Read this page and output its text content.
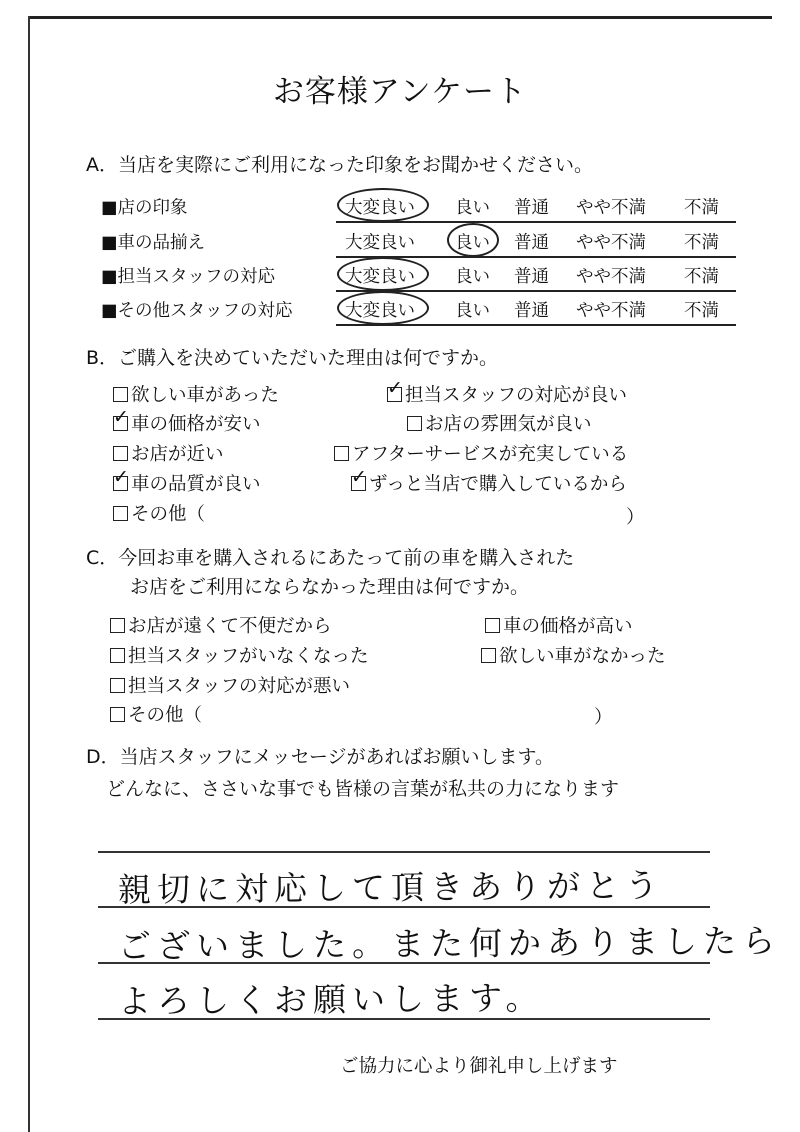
お客様アンケート
A．当店を実際にご利用になった印象をお聞かせください。
■店の印象	大変良い 良い 普通 やや不満 不満
■車の品揃え	大変良い 良い 普通 やや不満 不満
■担当スタッフの対応	大変良い 良い 普通 やや不満 不満
■その他スタッフの対応	大変良い 良い 普通 やや不満 不満
B．ご購入を決めていただいた理由は何ですか。
欲しい車があった	✓ 担当スタッフの対応が良い
✓ 車の価格が安い	お店の雰囲気が良い
お店が近い	アフターサービスが充実している
✓ 車の品質が良い	✓ ずっと当店で購入しているから
その他（	）
C．今回お車を購入されるにあたって前の車を購入された
お店をご利用にならなかった理由は何ですか。
お店が遠くて不便だから	車の価格が高い
担当スタッフがいなくなった	欲しい車がなかった
担当スタッフの対応が悪い
その他（	）
D．当店スタッフにメッセージがあればお願いします。
どんなに、ささいな事でも皆様の言葉が私共の力になります
親切に対応して頂きありがとう
ございました。また何かありましたら
よろしくお願いします。
ご協力に心より御礼申し上げます
